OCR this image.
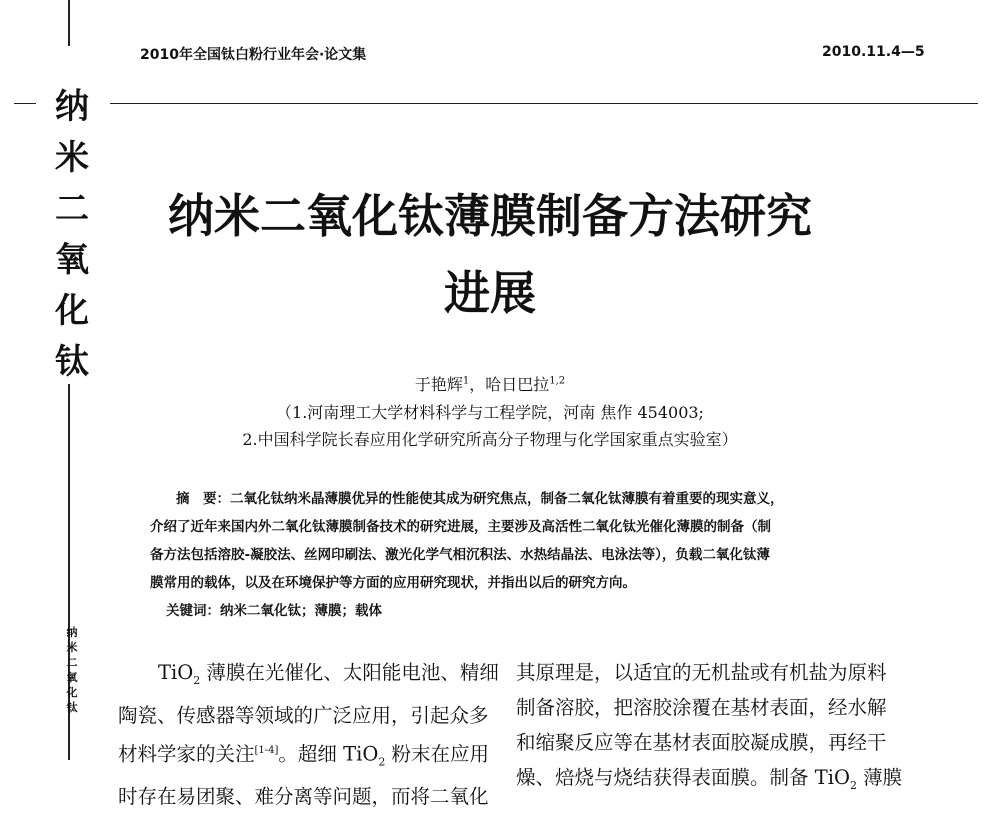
2010年全国钛白粉行业年会·论文集	2010.11.4—5
纳
米
二
氧
化
钛
纳米二氧化钛薄膜制备方法研究
进展
于艳辉$^1$，哈日巴拉$^{1,2}$
（1.河南理工大学材料科学与工程学院，河南 焦作 454003;
2.中国科学院长春应用化学研究所高分子物理与化学国家重点实验室）

摘　要：二氧化钛纳米晶薄膜优异的性能使其成为研究焦点，制备二氧化钛薄膜有着重要的现实意义，

介绍了近年来国内外二氧化钛薄膜制备技术的研究进展，主要涉及高活性二氧化钛光催化薄膜的制备（制

备方法包括溶胶-凝胶法、丝网印刷法、激光化学气相沉积法、水热结晶法、电泳法等），负载二氧化钛薄

膜常用的载体，以及在环境保护等方面的应用研究现状，并指出以后的研究方向。

关键词：纳米二氧化钛；薄膜；载体

TiO$_2$ 薄膜在光催化、太阳能电池、精细

陶瓷、传感器等领域的广泛应用，引起众多

材料学家的关注[1-4]。超细 TiO$_2$ 粉末在应用

时存在易团聚、难分离等问题，而将二氧化

其原理是，以适宜的无机盐或有机盐为原料

制备溶胶，把溶胶涂覆在基材表面，经水解

和缩聚反应等在基材表面胶凝成膜，再经干

燥、焙烧与烧结获得表面膜。制备 TiO$_2$ 薄膜

纳
米
二
氧
化
钛
